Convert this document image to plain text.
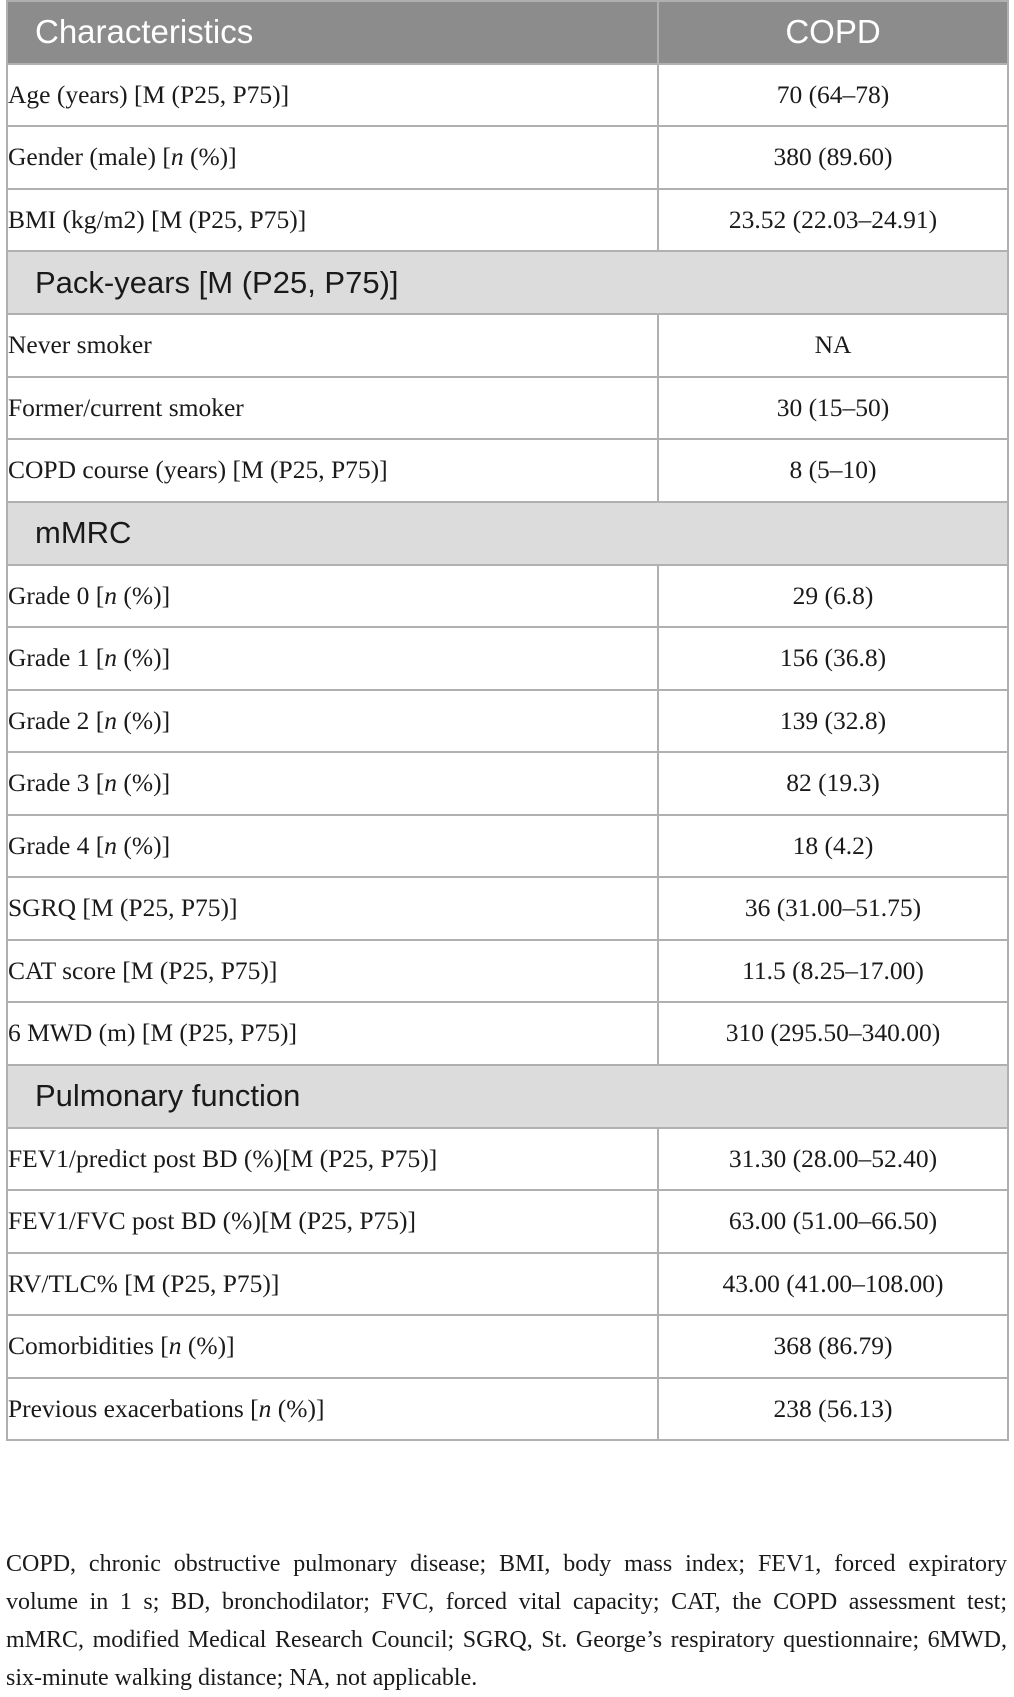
Characteristics	COPD
Age (years) [M (P25, P75)]	70 (64–78)
Gender (male) [n (%)]	380 (89.60)
BMI (kg/m2) [M (P25, P75)]	23.52 (22.03–24.91)
Pack-years [M (P25, P75)]	
Never smoker	NA
Former/current smoker	30 (15–50)
COPD course (years) [M (P25, P75)]	8 (5–10)
mMRC	
Grade 0 [n (%)]	29 (6.8)
Grade 1 [n (%)]	156 (36.8)
Grade 2 [n (%)]	139 (32.8)
Grade 3 [n (%)]	82 (19.3)
Grade 4 [n (%)]	18 (4.2)
SGRQ [M (P25, P75)]	36 (31.00–51.75)
CAT score [M (P25, P75)]	11.5 (8.25–17.00)
6 MWD (m) [M (P25, P75)]	310 (295.50–340.00)
Pulmonary function	
FEV1/predict post BD (%)[M (P25, P75)]	31.30 (28.00–52.40)
FEV1/FVC post BD (%)[M (P25, P75)]	63.00 (51.00–66.50)
RV/TLC% [M (P25, P75)]	43.00 (41.00–108.00)
Comorbidities [n (%)]	368 (86.79)
Previous exacerbations [n (%)]	238 (56.13)

COPD, chronic obstructive pulmonary disease; BMI, body mass index; FEV1, forced expiratory volume in 1 s; BD, bronchodilator; FVC, forced vital capacity; CAT, the COPD assessment test; mMRC, modified Medical Research Council; SGRQ, St. George’s respiratory questionnaire; 6MWD, six-minute walking distance; NA, not applicable.
